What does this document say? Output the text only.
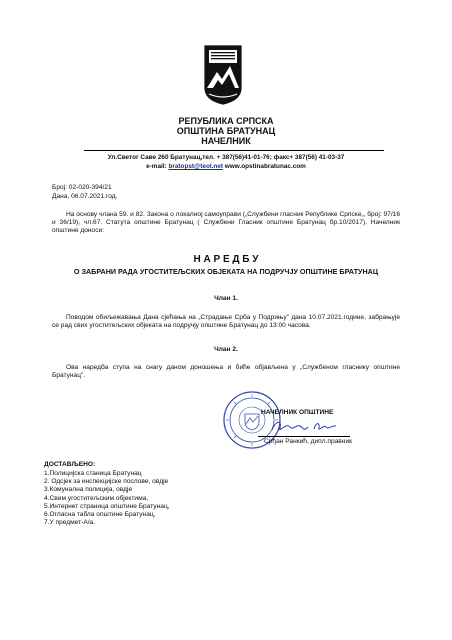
РЕПУБЛИКА СРПСКА
ОПШТИНА БРАТУНАЦ
НАЧЕЛНИК
Ул.Светог Саве 260 Братунац,тел. + 387(56)41-01-76; факс+ 387(56) 41-03-37
e-mail: bratopst@teol.net www.opstinabratunac.com
Број: 02-020-394/21
Дана, 06.07.2021.год.
На основу члана 59. и 82. Закона о локалној самоуправи („Службени гласник Републике Српске„, број: 97/16 и 36/19), чл.67. Статута општине Братунац ( Службени Гласник општине Братунац бр.10/2017), Начелник општине доноси:
Н А Р Е Д Б У
О ЗАБРАНИ РАДА УГОСТИТЕЉСКИХ ОБЈЕКАТА НА ПОДРУЧЈУ ОПШТИНЕ БРАТУНАЦ
Члан 1.
Поводом обиљежавања Дана сјећања на „Страдање Срба у Подрињу” дана 10.07.2021.године, забрањује се рад свих угоститељских објеката на подручју општине Братунац до 13:00 часова.
Члан 2.
Ова наредба ступа на снагу даном доношења и биће објављена у „Службеном гласнику општине Братунац”.
НАЧЕЛНИК ОПШТИНЕ
Срђан Ранкић, дипл.правник
ДОСТАВЉЕНО:
1.Полицијска станица Братунац
2. Одсјек за инспекцијске послове, овдје
3.Комунална полиција, овдје
4.Свим угоститељским објектима,
5.Интернет страница општине Братунац,
6.Огласна табла општине Братунац,
7.У предмет-А/а.
